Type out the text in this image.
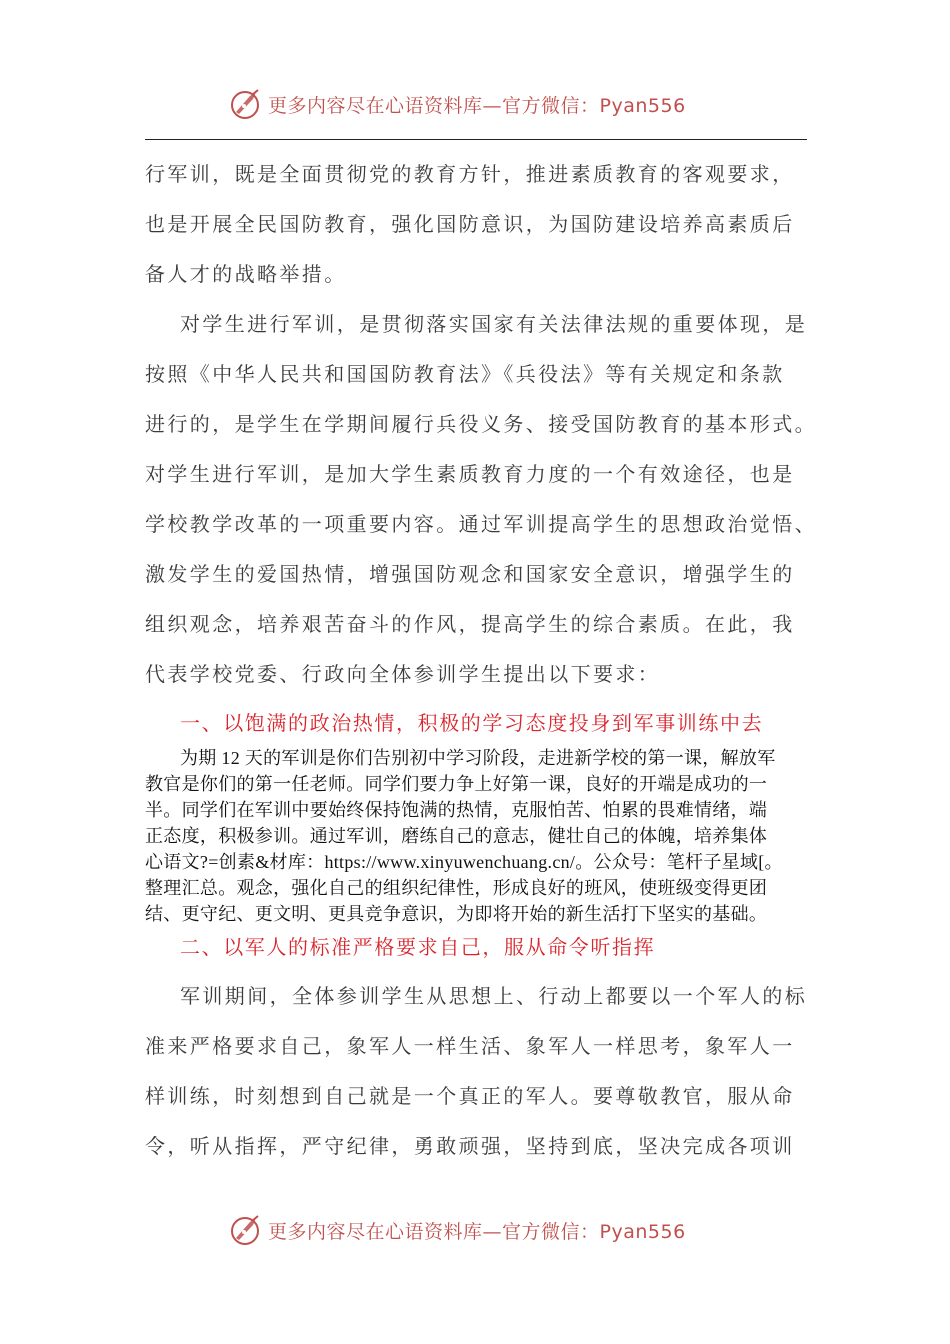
更多内容尽在心语资料库—官方微信：Pyan556
行军训，既是全面贯彻党的教育方针，推进素质教育的客观要求，
也是开展全民国防教育，强化国防意识，为国防建设培养高素质后
备人才的战略举措。
对学生进行军训，是贯彻落实国家有关法律法规的重要体现，是
按照《中华人民共和国国防教育法》《兵役法》等有关规定和条款
进行的，是学生在学期间履行兵役义务、接受国防教育的基本形式。
对学生进行军训，是加大学生素质教育力度的一个有效途径，也是
学校教学改革的一项重要内容。通过军训提高学生的思想政治觉悟、
激发学生的爱国热情，增强国防观念和国家安全意识，增强学生的
组织观念，培养艰苦奋斗的作风，提高学生的综合素质。在此，我
代表学校党委、行政向全体参训学生提出以下要求：
一、以饱满的政治热情，积极的学习态度投身到军事训练中去
为期 12 天的军训是你们告别初中学习阶段，走进新学校的第一课，解放军
教官是你们的第一任老师。同学们要力争上好第一课，良好的开端是成功的一
半。同学们在军训中要始终保持饱满的热情，克服怕苦、怕累的畏难情绪，端
正态度，积极参训。通过军训，磨练自己的意志，健壮自己的体魄，培养集体
心语文?=创素&材库：https://www.xinyuwenchuang.cn/。公众号：笔杆子星域[。
整理汇总。观念，强化自己的组织纪律性，形成良好的班风，使班级变得更团
结、更守纪、更文明、更具竞争意识，为即将开始的新生活打下坚实的基础。
二、以军人的标准严格要求自己，服从命令听指挥
军训期间，全体参训学生从思想上、行动上都要以一个军人的标
准来严格要求自己，象军人一样生活、象军人一样思考，象军人一
样训练，时刻想到自己就是一个真正的军人。要尊敬教官，服从命
令，听从指挥，严守纪律，勇敢顽强，坚持到底，坚决完成各项训
更多内容尽在心语资料库—官方微信：Pyan556
